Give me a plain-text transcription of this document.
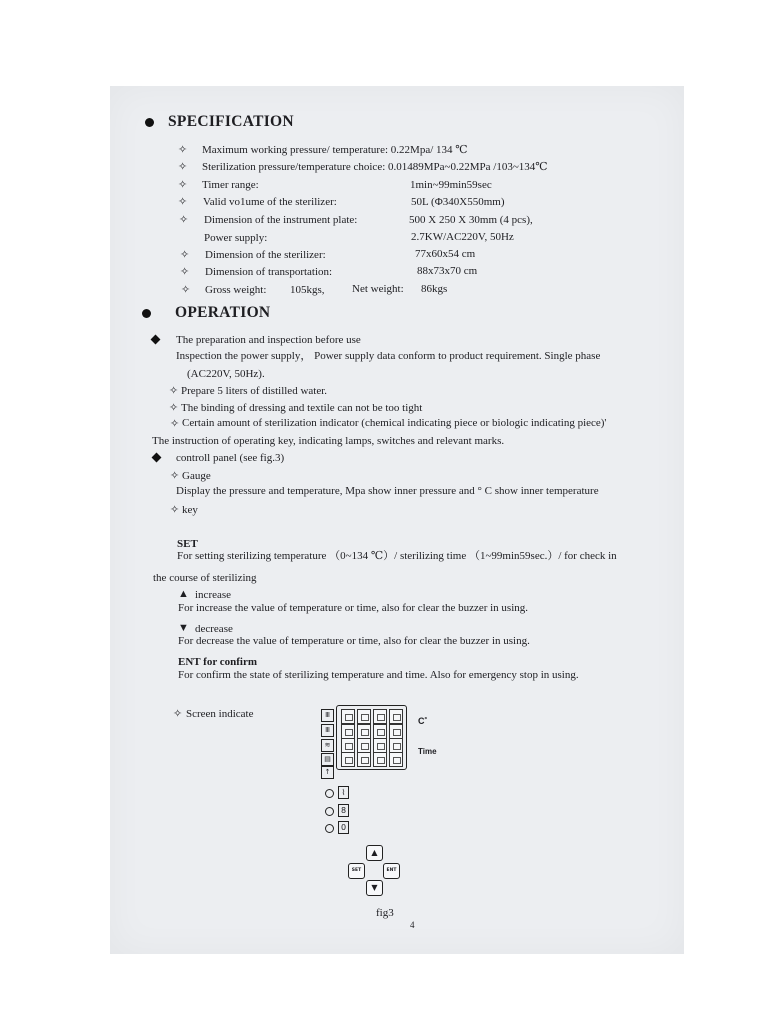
SPECIFICATION
✧ Maximum working pressure/ temperature: 0.22Mpa/ 134 ℃
✧ Sterilization pressure/temperature choice: 0.01489MPa~0.22MPa /103~134℃
✧ Timer range:	1min~99min59sec
✧ Valid vo1ume of the sterilizer:	50L (Φ340X550mm)
✧ Dimension of the instrument plate:	500 X 250 X 30mm (4 pcs),
Power supply:	2.7KW/AC220V, 50Hz
✧ Dimension of the sterilizer:	77x60x54 cm
✧ Dimension of transportation:	88x73x70 cm
✧ Gross weight: 105kgs, Net weight: 86kgs
OPERATION
The preparation and inspection before use
Inspection the power supply， Power supply data conform to product requirement. Single phase
(AC220V, 50Hz).
✧ Prepare 5 liters of distilled water.
✧ The binding of dressing and textile can not be too tight
✧ Certain amount of sterilization indicator (chemical indicating piece or biologic indicating piece)'
The instruction of operating key, indicating lamps, switches and relevant marks.
controll panel (see fig.3)
✧ Gauge
Display the pressure and temperature, Mpa show inner pressure and ° C show inner temperature
✧ key
SET
For setting sterilizing temperature （0~134 ℃）/ sterilizing time （1~99min59sec.）/ for check in
the course of sterilizing
▲ increase
For increase the value of temperature or time, also for clear the buzzer in using.
▼ decrease
For decrease the value of temperature or time, also for clear the buzzer in using.
ENT for confirm
For confirm the state of sterilizing temperature and time. Also for emergency stop in using.
✧ Screen indicate	Ⅲ
Ⅲ
≋
▤
↑
C˚
Time
⌇
8
0
▲
SET	ENT
▼
fig3
4
